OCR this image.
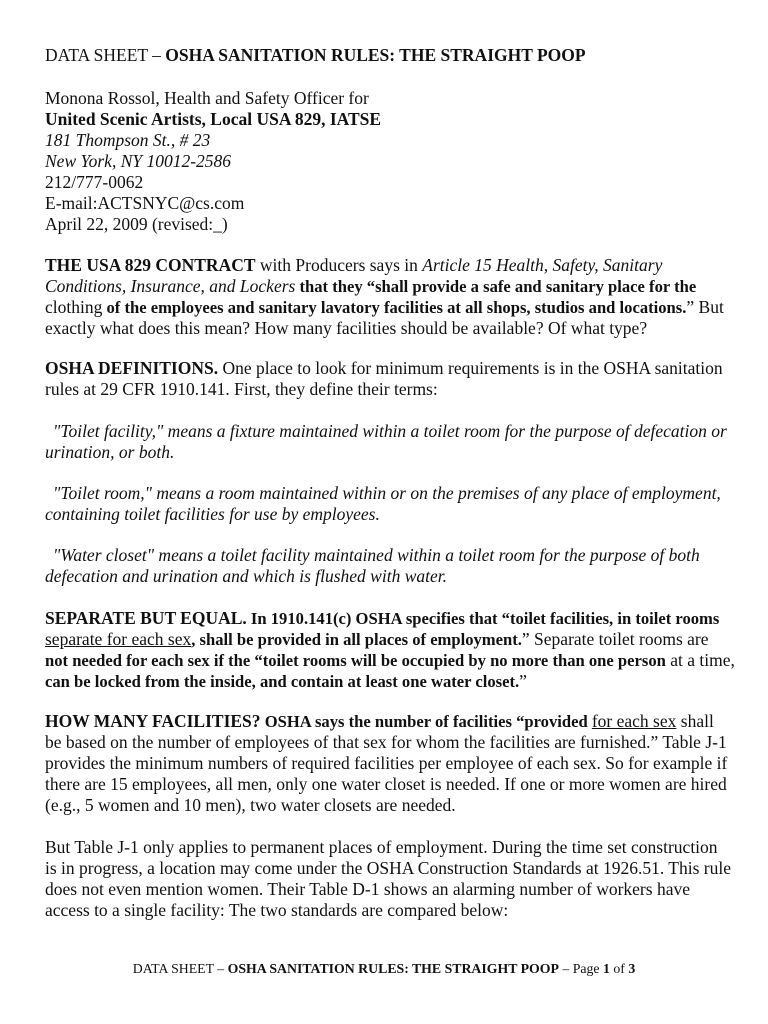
DATA SHEET – OSHA SANITATION RULES: THE STRAIGHT POOP
Monona Rossol, Health and Safety Officer for
United Scenic Artists, Local USA 829, IATSE
181 Thompson St., # 23
New York, NY 10012-2586
212/777-0062
E-mail:ACTSNYC@cs.com
April 22, 2009 (revised:_)
THE USA 829 CONTRACT with Producers says in Article 15 Health, Safety, Sanitary
Conditions, Insurance, and Lockers that they “shall provide a safe and sanitary place for the
clothing of the employees and sanitary lavatory facilities at all shops, studios and locations.” But
exactly what does this mean? How many facilities should be available? Of what type?
OSHA DEFINITIONS. One place to look for minimum requirements is in the OSHA sanitation
rules at 29 CFR 1910.141. First, they define their terms:
"Toilet facility," means a fixture maintained within a toilet room for the purpose of defecation or
urination, or both.
"Toilet room," means a room maintained within or on the premises of any place of employment,
containing toilet facilities for use by employees.
"Water closet" means a toilet facility maintained within a toilet room for the purpose of both
defecation and urination and which is flushed with water.
SEPARATE BUT EQUAL. In 1910.141(c) OSHA specifies that “toilet facilities, in toilet rooms
separate for each sex, shall be provided in all places of employment.” Separate toilet rooms are
not needed for each sex if the “toilet rooms will be occupied by no more than one person at a time,
can be locked from the inside, and contain at least one water closet.”
HOW MANY FACILITIES? OSHA says the number of facilities “provided for each sex shall
be based on the number of employees of that sex for whom the facilities are furnished.” Table J-1
provides the minimum numbers of required facilities per employee of each sex. So for example if
there are 15 employees, all men, only one water closet is needed. If one or more women are hired
(e.g., 5 women and 10 men), two water closets are needed.
But Table J-1 only applies to permanent places of employment. During the time set construction
is in progress, a location may come under the OSHA Construction Standards at 1926.51. This rule
does not even mention women. Their Table D-1 shows an alarming number of workers have
access to a single facility: The two standards are compared below:
DATA SHEET – OSHA SANITATION RULES: THE STRAIGHT POOP – Page 1 of 3
